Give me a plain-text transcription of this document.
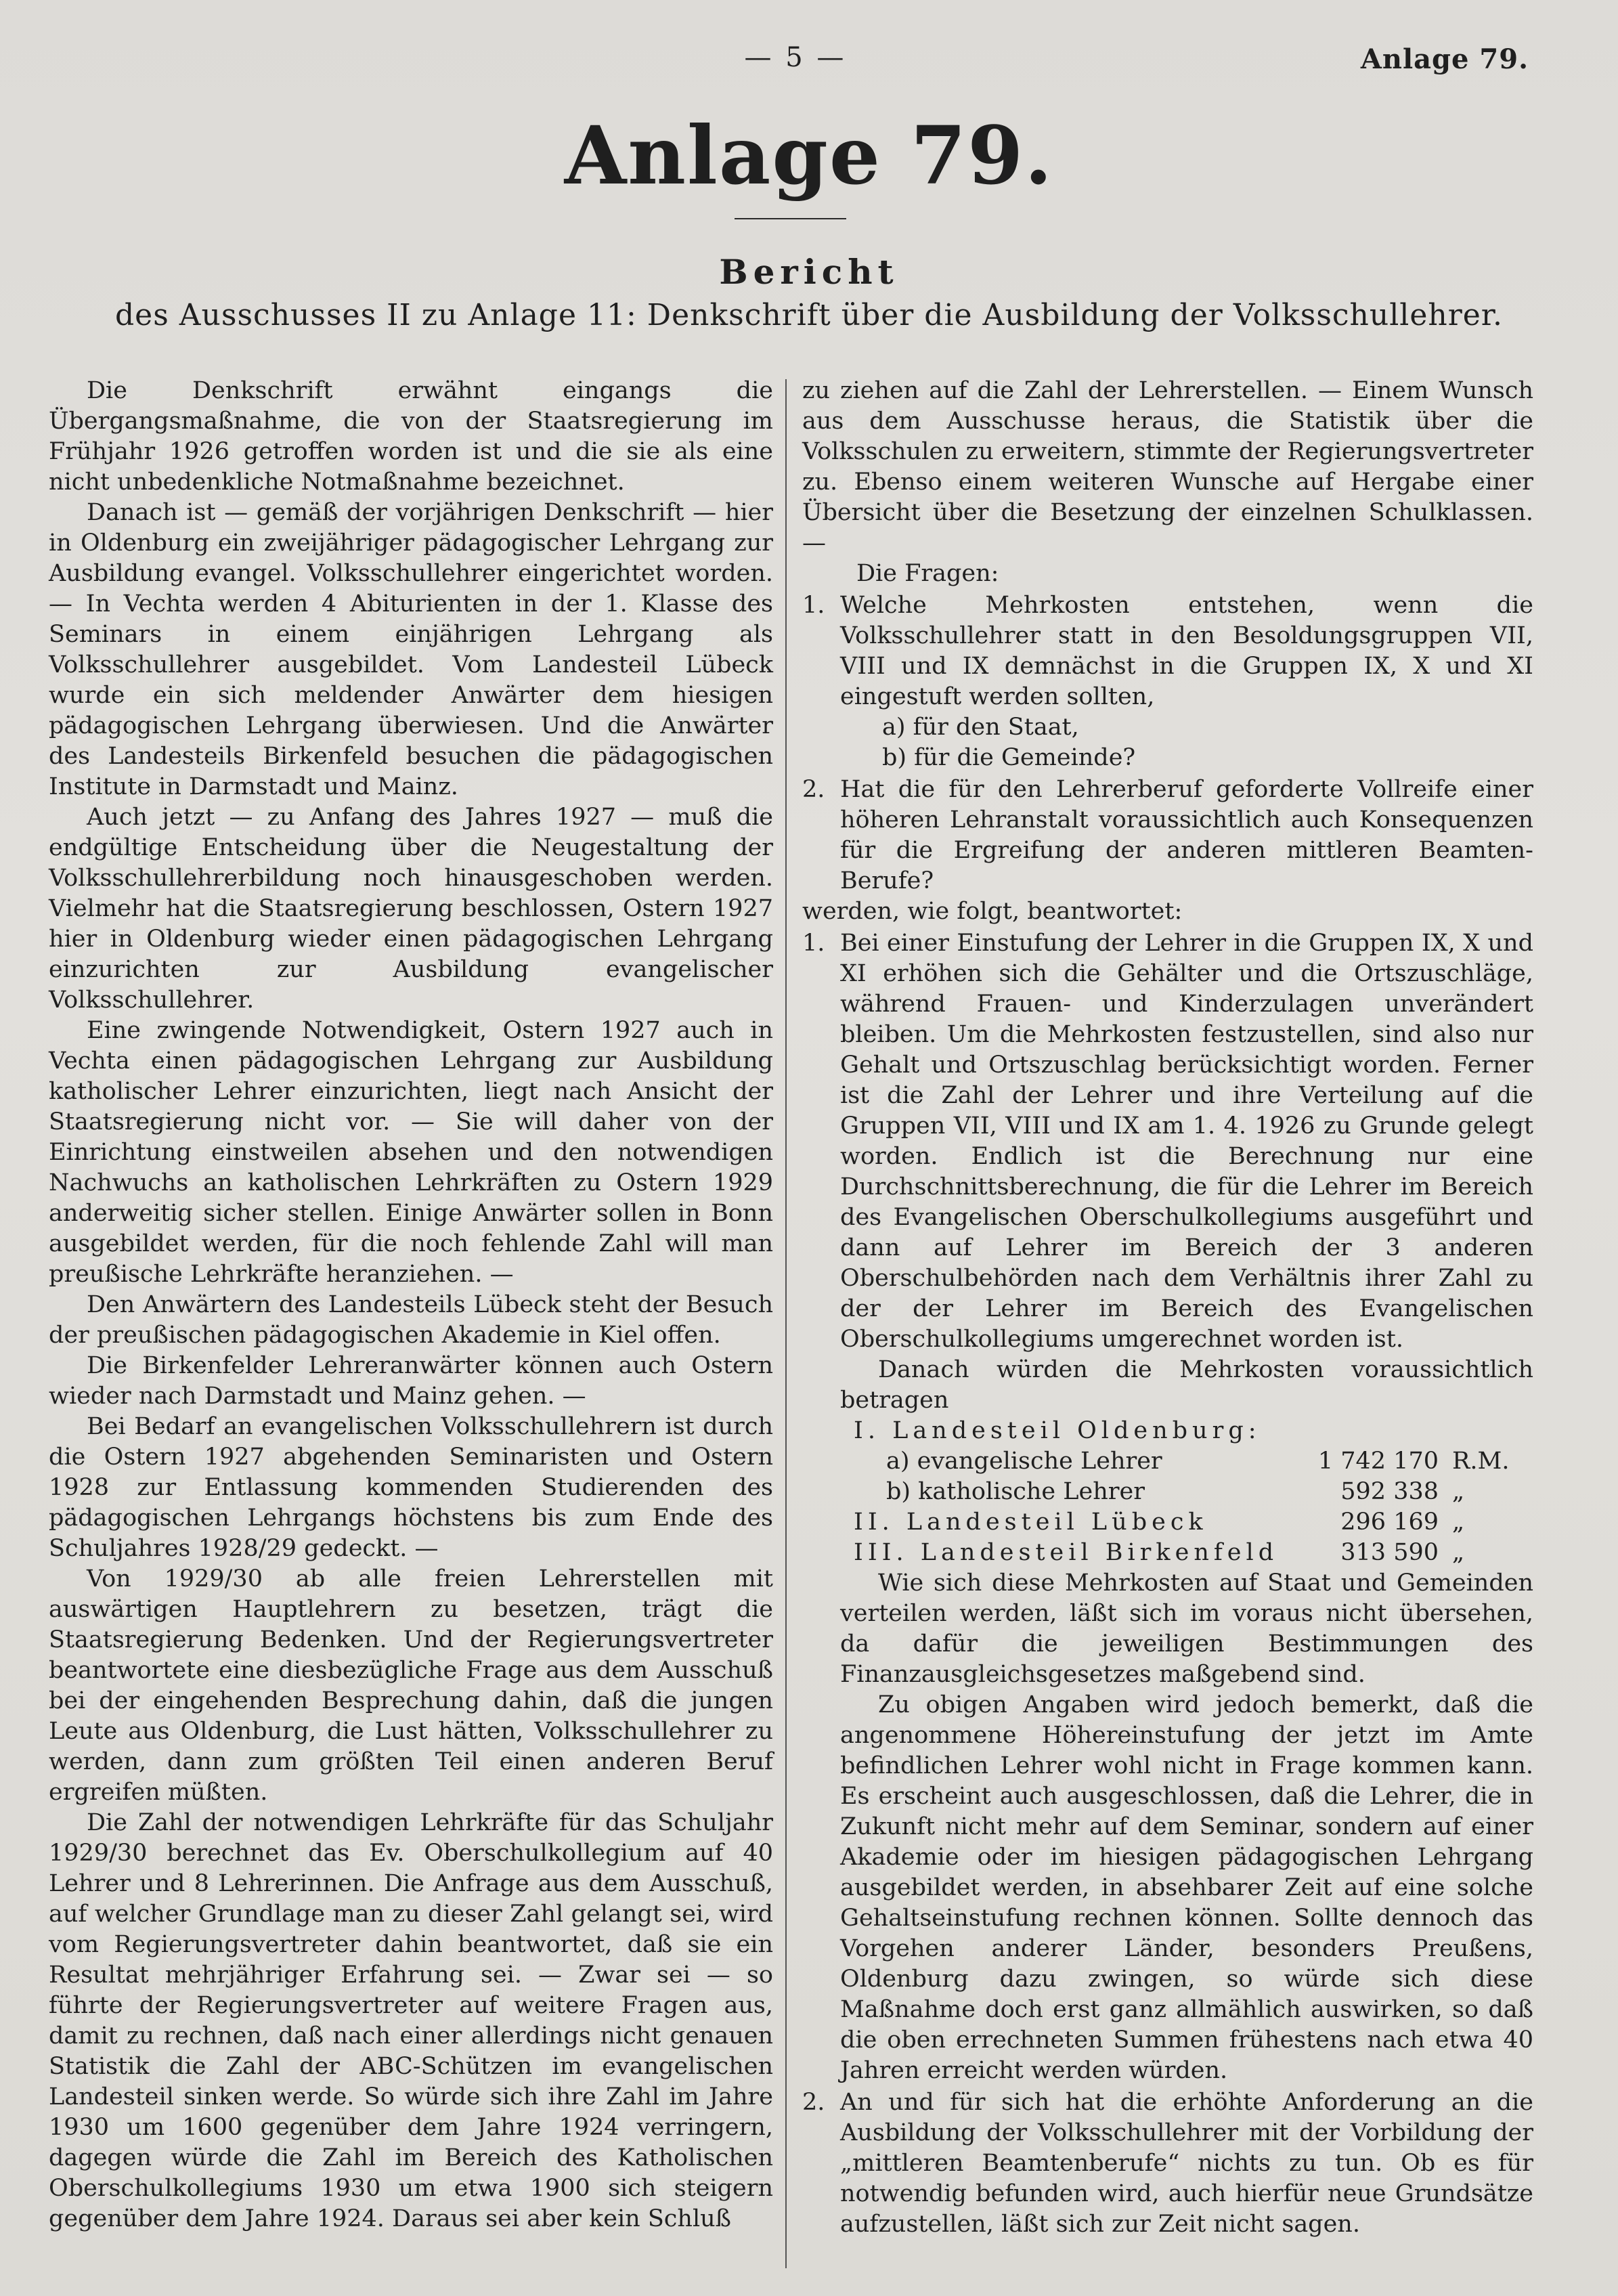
— 5 —	Anlage 79.
Anlage 79.
Bericht
des Ausschusses II zu Anlage 11: Denkschrift über die Ausbildung der Volksschullehrer.

Die Denkschrift erwähnt eingangs die Übergangsmaßnahme, die von der Staatsregierung im Frühjahr 1926 getroffen worden ist und die sie als eine nicht unbedenkliche Notmaßnahme bezeichnet.

Danach ist — gemäß der vorjährigen Denkschrift — hier in Oldenburg ein zweijähriger pädagogischer Lehrgang zur Ausbildung evangel. Volksschullehrer eingerichtet worden. — In Vechta werden 4 Abiturienten in der 1. Klasse des Seminars in einem einjährigen Lehrgang als Volksschullehrer ausgebildet. Vom Landesteil Lübeck wurde ein sich meldender Anwärter dem hiesigen pädagogischen Lehrgang überwiesen. Und die Anwärter des Landesteils Birkenfeld besuchen die pädagogischen Institute in Darmstadt und Mainz.

Auch jetzt — zu Anfang des Jahres 1927 — muß die endgültige Entscheidung über die Neugestaltung der Volksschullehrerbildung noch hinausgeschoben werden. Vielmehr hat die Staatsregierung beschlossen, Ostern 1927 hier in Oldenburg wieder einen pädagogischen Lehrgang einzurichten zur Ausbildung evangelischer Volksschullehrer.

Eine zwingende Notwendigkeit, Ostern 1927 auch in Vechta einen pädagogischen Lehrgang zur Ausbildung katholischer Lehrer einzurichten, liegt nach Ansicht der Staatsregierung nicht vor. — Sie will daher von der Einrichtung einstweilen absehen und den notwendigen Nachwuchs an katholischen Lehrkräften zu Ostern 1929 anderweitig sicher stellen. Einige Anwärter sollen in Bonn ausgebildet werden, für die noch fehlende Zahl will man preußische Lehrkräfte heranziehen. —

Den Anwärtern des Landesteils Lübeck steht der Besuch der preußischen pädagogischen Akademie in Kiel offen.

Die Birkenfelder Lehreranwärter können auch Ostern wieder nach Darmstadt und Mainz gehen. —

Bei Bedarf an evangelischen Volksschullehrern ist durch die Ostern 1927 abgehenden Seminaristen und Ostern 1928 zur Entlassung kommenden Studierenden des pädagogischen Lehrgangs höchstens bis zum Ende des Schuljahres 1928/29 gedeckt. —

Von 1929/30 ab alle freien Lehrerstellen mit auswärtigen Hauptlehrern zu besetzen, trägt die Staatsregierung Bedenken. Und der Regierungsvertreter beantwortete eine diesbezügliche Frage aus dem Ausschuß bei der eingehenden Besprechung dahin, daß die jungen Leute aus Oldenburg, die Lust hätten, Volksschullehrer zu werden, dann zum größten Teil einen anderen Beruf ergreifen müßten.

Die Zahl der notwendigen Lehrkräfte für das Schuljahr 1929/30 berechnet das Ev. Oberschulkollegium auf 40 Lehrer und 8 Lehrerinnen. Die Anfrage aus dem Ausschuß, auf welcher Grundlage man zu dieser Zahl gelangt sei, wird vom Regierungsvertreter dahin beantwortet, daß sie ein Resultat mehrjähriger Erfahrung sei. — Zwar sei — so führte der Regierungsvertreter auf weitere Fragen aus, damit zu rechnen, daß nach einer allerdings nicht genauen Statistik die Zahl der ABC-Schützen im evangelischen Landesteil sinken werde. So würde sich ihre Zahl im Jahre 1930 um 1600 gegenüber dem Jahre 1924 verringern, dagegen würde die Zahl im Bereich des Katholischen Oberschulkollegiums 1930 um etwa 1900 sich steigern gegenüber dem Jahre 1924. Daraus sei aber kein Schluß

zu ziehen auf die Zahl der Lehrerstellen. — Einem Wunsch aus dem Ausschusse heraus, die Statistik über die Volksschulen zu erweitern, stimmte der Regierungsvertreter zu. Ebenso einem weiteren Wunsche auf Hergabe einer Übersicht über die Besetzung der einzelnen Schulklassen. —

Die Fragen:

1. Welche Mehrkosten entstehen, wenn die Volksschullehrer statt in den Besoldungsgruppen VII, VIII und IX demnächst in die Gruppen IX, X und XI eingestuft werden sollten,

a) für den Staat,
b) für die Gemeinde?
2. Hat die für den Lehrerberuf geforderte Vollreife einer höheren Lehranstalt voraussichtlich auch Konsequenzen für die Ergreifung der anderen mittleren Beamten-Berufe?

werden, wie folgt, beantwortet:

1. Bei einer Einstufung der Lehrer in die Gruppen IX, X und XI erhöhen sich die Gehälter und die Ortszuschläge, während Frauen- und Kinderzulagen unverändert bleiben. Um die Mehrkosten festzustellen, sind also nur Gehalt und Ortszuschlag berücksichtigt worden. Ferner ist die Zahl der Lehrer und ihre Verteilung auf die Gruppen VII, VIII und IX am 1. 4. 1926 zu Grunde gelegt worden. Endlich ist die Berechnung nur eine Durchschnittsberechnung, die für die Lehrer im Bereich des Evangelischen Oberschulkollegiums ausgeführt und dann auf Lehrer im Bereich der 3 anderen Oberschulbehörden nach dem Verhältnis ihrer Zahl zu der der Lehrer im Bereich des Evangelischen Oberschulkollegiums umgerechnet worden ist.

Danach würden die Mehrkosten voraussichtlich betragen

I. Landesteil Oldenburg:		
a) evangelische Lehrer	1 742 170	R.M.
b) katholische Lehrer	592 338	„
II. Landesteil Lübeck	296 169	„
III. Landesteil Birkenfeld	313 590	„

Wie sich diese Mehrkosten auf Staat und Gemeinden verteilen werden, läßt sich im voraus nicht übersehen, da dafür die jeweiligen Bestimmungen des Finanzausgleichsgesetzes maßgebend sind.

Zu obigen Angaben wird jedoch bemerkt, daß die angenommene Höhereinstufung der jetzt im Amte befindlichen Lehrer wohl nicht in Frage kommen kann. Es erscheint auch ausgeschlossen, daß die Lehrer, die in Zukunft nicht mehr auf dem Seminar, sondern auf einer Akademie oder im hiesigen pädagogischen Lehrgang ausgebildet werden, in absehbarer Zeit auf eine solche Gehaltseinstufung rechnen können. Sollte dennoch das Vorgehen anderer Länder, besonders Preußens, Oldenburg dazu zwingen, so würde sich diese Maßnahme doch erst ganz allmählich auswirken, so daß die oben errechneten Summen frühestens nach etwa 40 Jahren erreicht werden würden.

2. An und für sich hat die erhöhte Anforderung an die Ausbildung der Volksschullehrer mit der Vorbildung der „mittleren Beamtenberufe“ nichts zu tun. Ob es für notwendig befunden wird, auch hierfür neue Grundsätze aufzustellen, läßt sich zur Zeit nicht sagen.
